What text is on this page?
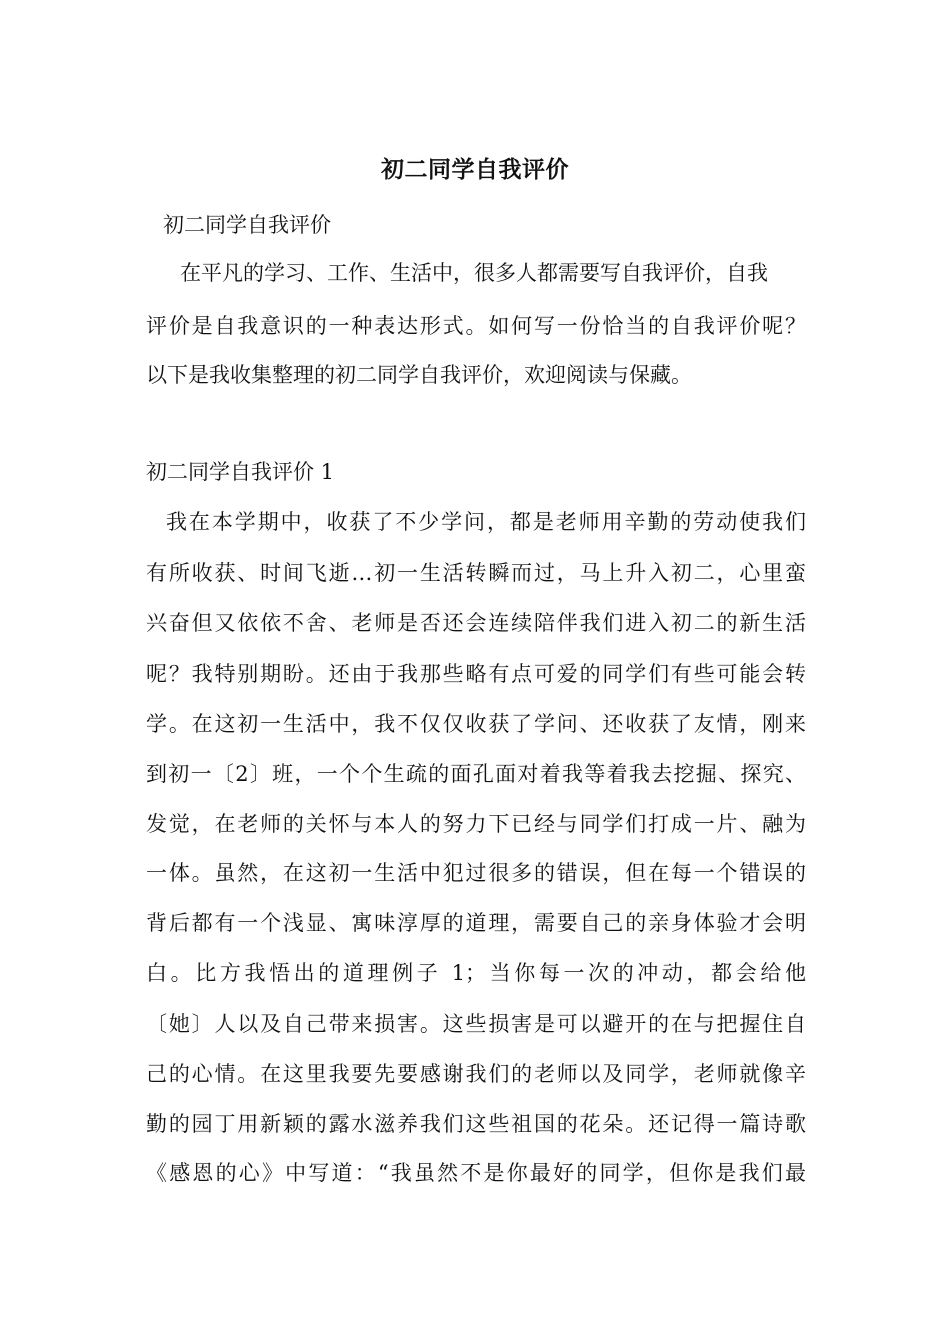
初二同学自我评价
初二同学自我评价
在平凡的学习、工作、生活中，很多人都需要写自我评价，自我
评价是自我意识的一种表达形式。如何写一份恰当的自我评价呢？
以下是我收集整理的初二同学自我评价，欢迎阅读与保藏。
初二同学自我评价 1
我在本学期中，收获了不少学问，都是老师用辛勤的劳动使我们
有所收获、时间飞逝…初一生活转瞬而过，马上升入初二，心里蛮
兴奋但又依依不舍、老师是否还会连续陪伴我们进入初二的新生活
呢？我特别期盼。还由于我那些略有点可爱的同学们有些可能会转
学。在这初一生活中，我不仅仅收获了学问、还收获了友情，刚来
到初一〔2〕班，一个个生疏的面孔面对着我等着我去挖掘、探究、
发觉，在老师的关怀与本人的努力下已经与同学们打成一片、融为
一体。虽然，在这初一生活中犯过很多的错误，但在每一个错误的
背后都有一个浅显、寓味淳厚的道理，需要自己的亲身体验才会明
白。比方我悟出的道理例子 1；当你每一次的冲动，都会给他
〔她〕人以及自己带来损害。这些损害是可以避开的在与把握住自
己的心情。在这里我要先要感谢我们的老师以及同学，老师就像辛
勤的园丁用新颖的露水滋养我们这些祖国的花朵。还记得一篇诗歌
《感恩的心》中写道：“我虽然不是你最好的同学，但你是我们最
